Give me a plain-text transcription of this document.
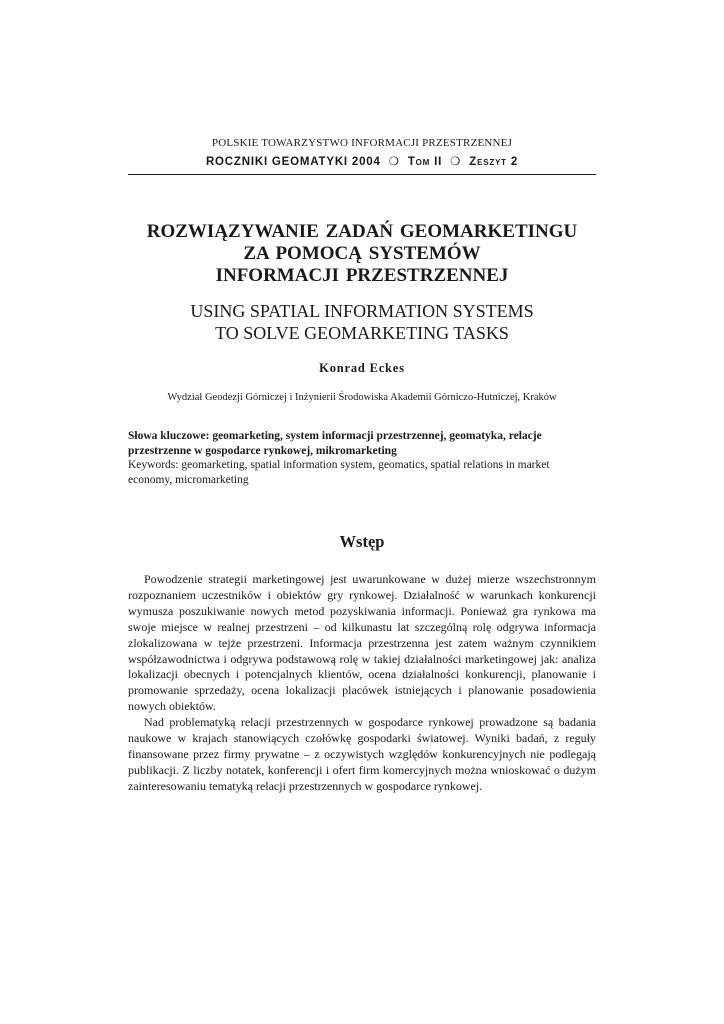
POLSKIE TOWARZYSTWO INFORMACJI PRZESTRZENNEJ
ROCZNIKI GEOMATYKI 2004 ❍ Tom II ❍ Zeszyt 2
ROZWIĄZYWANIE ZADAŃ GEOMARKETINGU
ZA POMOCĄ SYSTEMÓW
INFORMACJI PRZESTRZENNEJ
USING SPATIAL INFORMATION SYSTEMS
TO SOLVE GEOMARKETING TASKS
Konrad Eckes
Wydział Geodezji Górniczej i Inżynierii Środowiska Akademii Górniczo-Hutniczej, Kraków
Słowa kluczowe: geomarketing, system informacji przestrzennej, geomatyka, relacje przestrzenne w gospodarce rynkowej, mikromarketing
Keywords: geomarketing, spatial information system, geomatics, spatial relations in market economy, micromarketing
Wstęp

Powodzenie strategii marketingowej jest uwarunkowane w dużej mierze wszechstronnym rozpoznaniem uczestników i obiektów gry rynkowej. Działalność w warunkach konkurencji wymusza poszukiwanie nowych metod pozyskiwania informacji. Ponieważ gra rynkowa ma swoje miejsce w realnej przestrzeni – od kilkunastu lat szczególną rolę odgrywa informacja zlokalizowana w tejże przestrzeni. Informacja przestrzenna jest zatem ważnym czynnikiem współzawodnictwa i odgrywa podstawową rolę w takiej działalności marketingowej jak: analiza lokalizacji obecnych i potencjalnych klientów, ocena działalności konkurencji, planowanie i promowanie sprzedaży, ocena lokalizacji placówek istniejących i planowanie posadowienia nowych obiektów.

Nad problematyką relacji przestrzennych w gospodarce rynkowej prowadzone są badania naukowe w krajach stanowiących czołówkę gospodarki światowej. Wyniki badań, z reguły finansowane przez firmy prywatne – z oczywistych względów konkurencyjnych nie podlegają publikacji. Z liczby notatek, konferencji i ofert firm komercyjnych można wnioskować o dużym zainteresowaniu tematyką relacji przestrzennych w gospodarce rynkowej.
